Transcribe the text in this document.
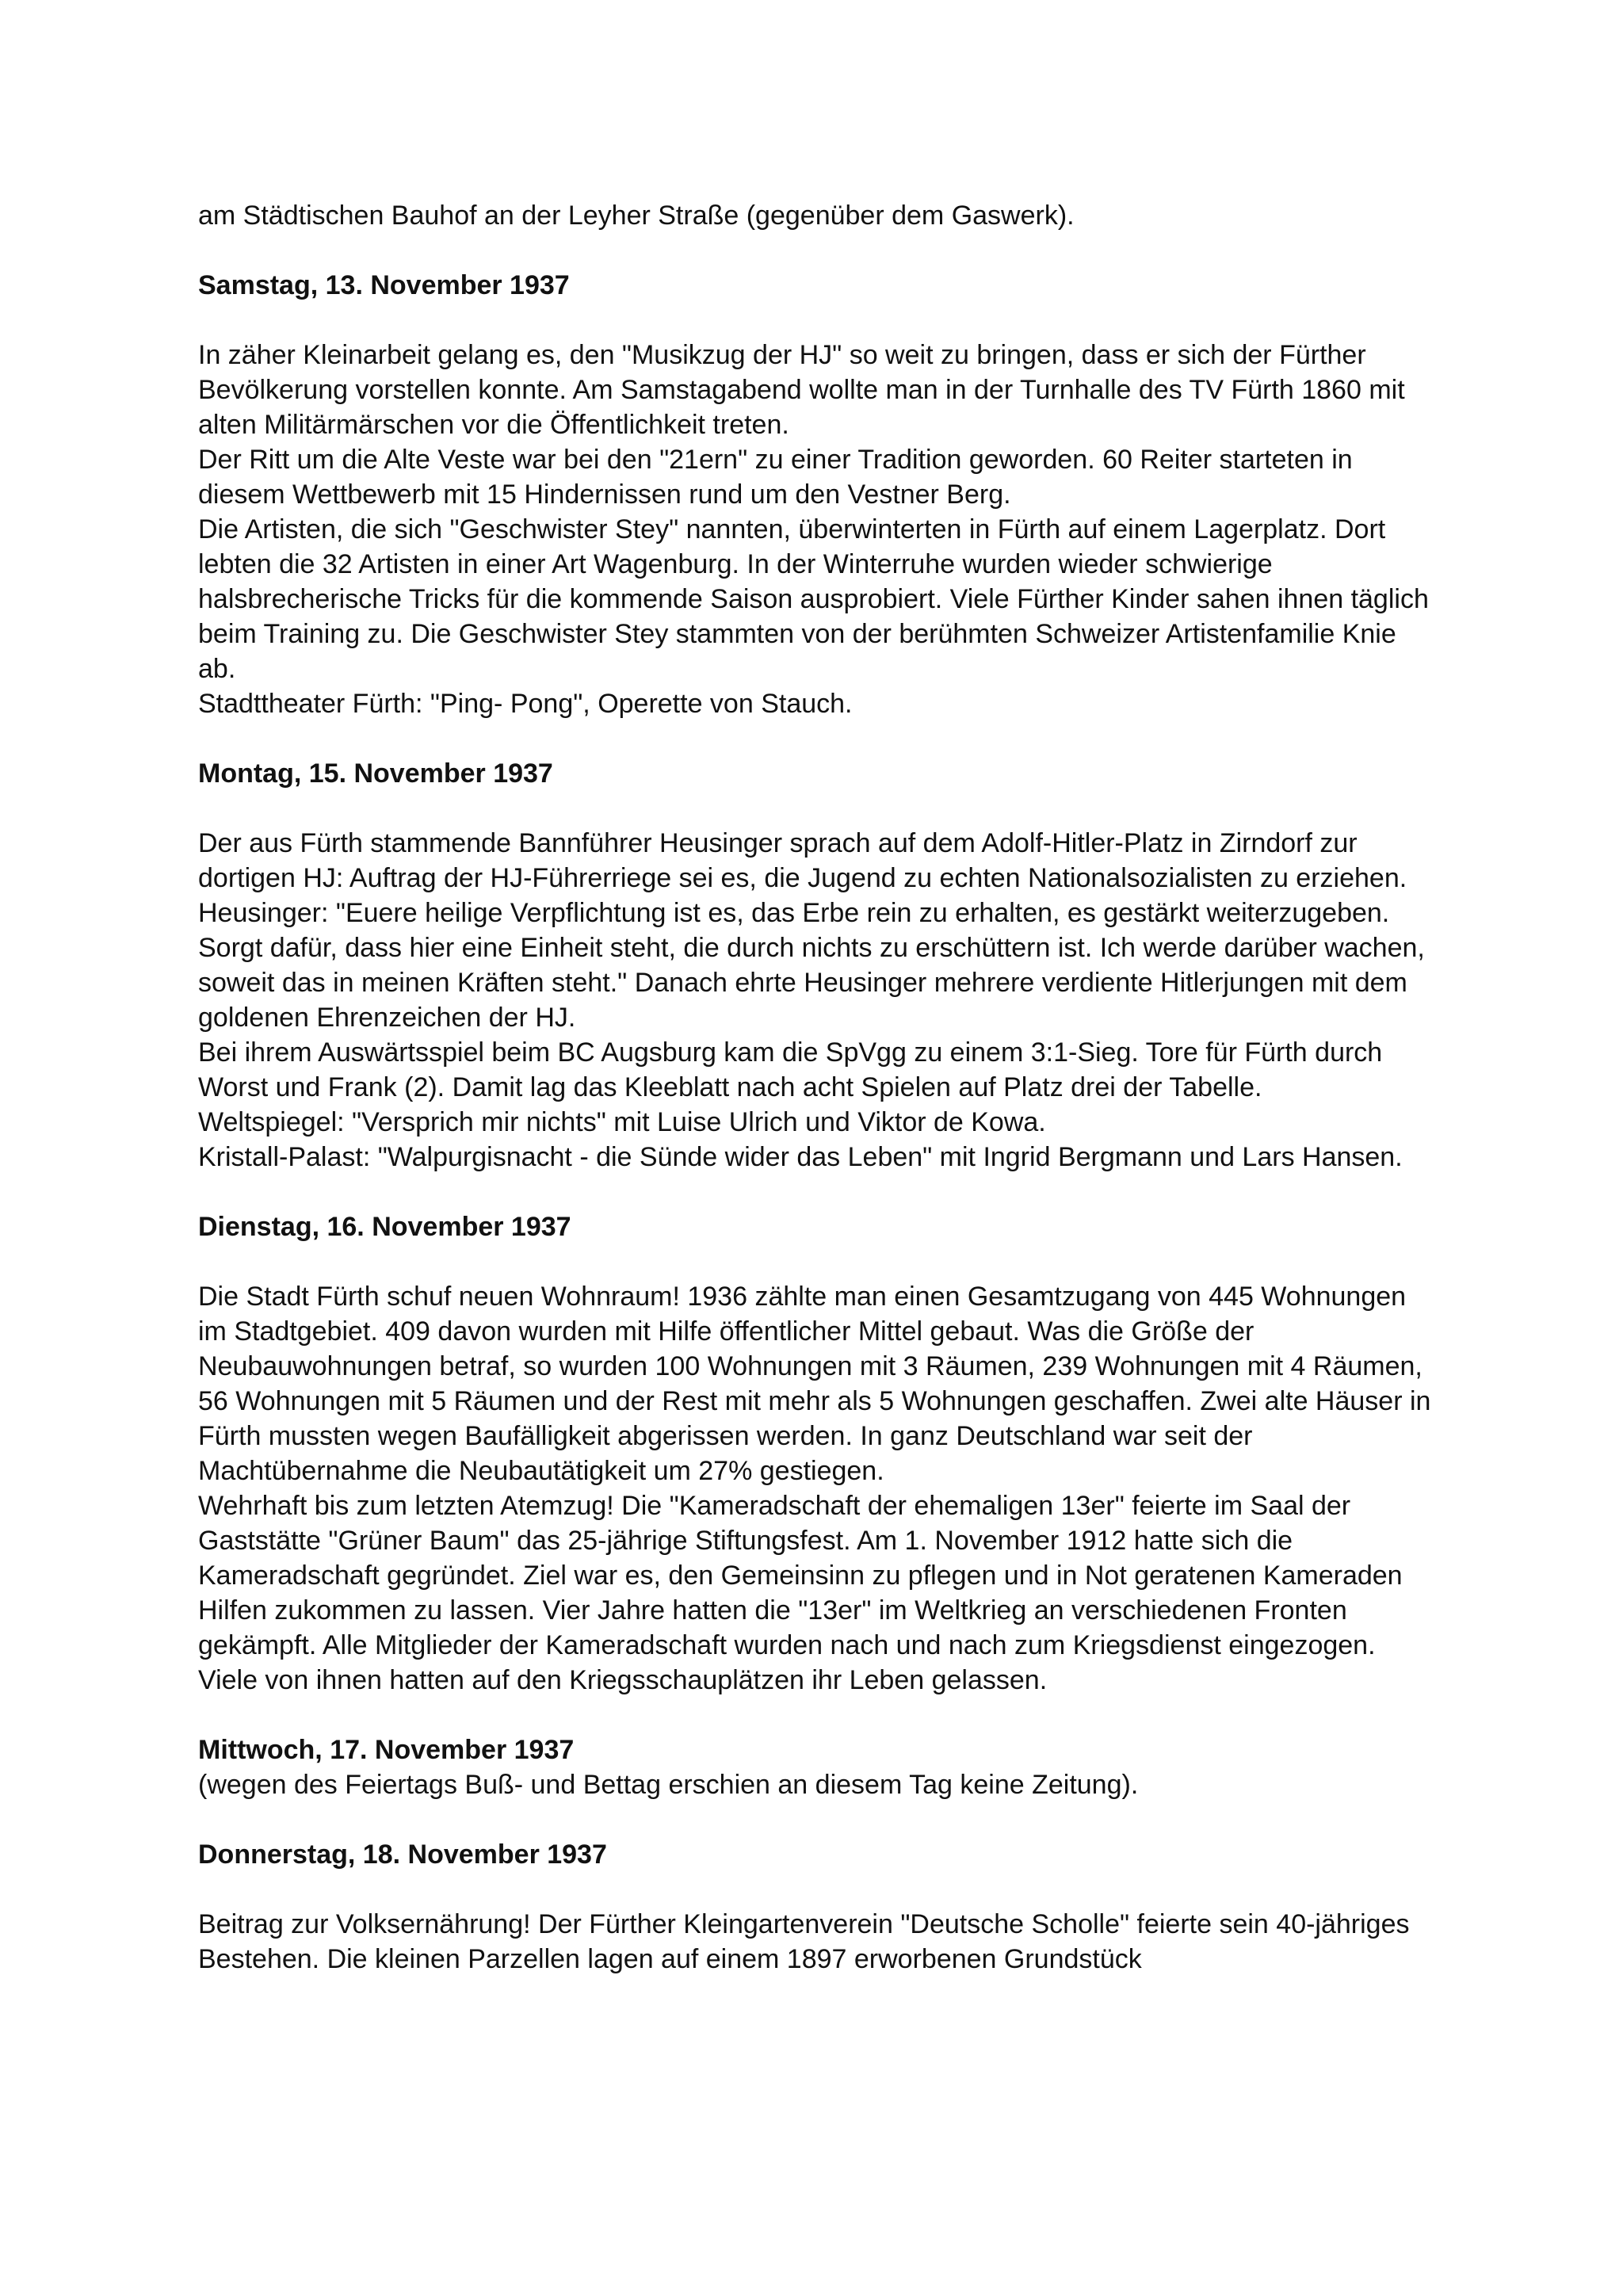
am Städtischen Bauhof an der Leyher Straße (gegenüber dem Gaswerk).

Samstag, 13. November 1937

In zäher Kleinarbeit gelang es, den "Musikzug der HJ" so weit zu bringen, dass er sich der Fürther Bevölkerung vorstellen konnte. Am Samstagabend wollte man in der Turnhalle des TV Fürth 1860 mit alten Militärmärschen vor die Öffentlichkeit treten.

Der Ritt um die Alte Veste war bei den "21ern" zu einer Tradition geworden. 60 Reiter starteten in diesem Wettbewerb mit 15 Hindernissen rund um den Vestner Berg.

Die Artisten, die sich "Geschwister Stey" nannten, überwinterten in Fürth auf einem Lagerplatz. Dort lebten die 32 Artisten in einer Art Wagenburg. In der Winterruhe wurden wieder schwierige halsbrecherische Tricks für die kommende Saison ausprobiert. Viele Fürther Kinder sahen ihnen täglich beim Training zu. Die Geschwister Stey stammten von der berühmten Schweizer Artistenfamilie Knie ab.

Stadttheater Fürth: "Ping- Pong", Operette von Stauch.

Montag, 15. November 1937

Der aus Fürth stammende Bannführer Heusinger sprach auf dem Adolf-Hitler-Platz in Zirndorf zur dortigen HJ: Auftrag der HJ-Führerriege sei es, die Jugend zu echten Nationalsozialisten zu erziehen. Heusinger: "Euere heilige Verpflichtung ist es, das Erbe rein zu erhalten, es gestärkt weiterzugeben. Sorgt dafür, dass hier eine Einheit steht, die durch nichts zu erschüttern ist. Ich werde darüber wachen, soweit das in meinen Kräften steht." Danach ehrte Heusinger mehrere verdiente Hitlerjungen mit dem goldenen Ehrenzeichen der HJ.

Bei ihrem Auswärtsspiel beim BC Augsburg kam die SpVgg zu einem 3:1-Sieg. Tore für Fürth durch Worst und Frank (2). Damit lag das Kleeblatt nach acht Spielen auf Platz drei der Tabelle.

Weltspiegel: "Versprich mir nichts" mit Luise Ulrich und Viktor de Kowa.

Kristall-Palast: "Walpurgisnacht - die Sünde wider das Leben" mit Ingrid Bergmann und Lars Hansen.

Dienstag, 16. November 1937

Die Stadt Fürth schuf neuen Wohnraum! 1936 zählte man einen Gesamtzugang von 445 Wohnungen im Stadtgebiet. 409 davon wurden mit Hilfe öffentlicher Mittel gebaut. Was die Größe der Neubauwohnungen betraf, so wurden 100 Wohnungen mit 3 Räumen, 239 Wohnungen mit 4 Räumen, 56 Wohnungen mit 5 Räumen und der Rest mit mehr als 5 Wohnungen geschaffen. Zwei alte Häuser in Fürth mussten wegen Baufälligkeit abgerissen werden. In ganz Deutschland war seit der Machtübernahme die Neubautätigkeit um 27% gestiegen.

Wehrhaft bis zum letzten Atemzug! Die "Kameradschaft der ehemaligen 13er" feierte im Saal der Gaststätte "Grüner Baum" das 25-jährige Stiftungsfest. Am 1. November 1912 hatte sich die Kameradschaft gegründet. Ziel war es, den Gemeinsinn zu pflegen und in Not geratenen Kameraden Hilfen zukommen zu lassen. Vier Jahre hatten die "13er" im Weltkrieg an verschiedenen Fronten gekämpft. Alle Mitglieder der Kameradschaft wurden nach und nach zum Kriegsdienst eingezogen. Viele von ihnen hatten auf den Kriegsschauplätzen ihr Leben gelassen.

Mittwoch, 17. November 1937

(wegen des Feiertags Buß- und Bettag erschien an diesem Tag keine Zeitung).

Donnerstag, 18. November 1937

Beitrag zur Volksernährung! Der Fürther Kleingartenverein "Deutsche Scholle" feierte sein 40-jähriges Bestehen. Die kleinen Parzellen lagen auf einem 1897 erworbenen Grundstück
